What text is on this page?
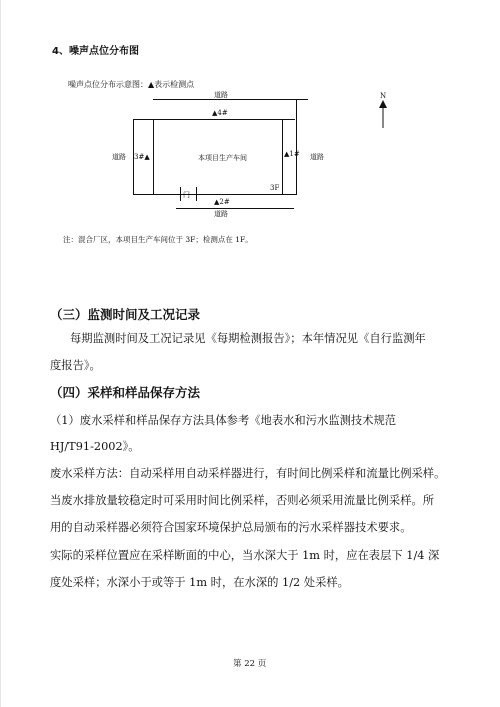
4、噪声点位分布图
噪声点位分布示意图：▲表示检测点
道路
道路 3#▲	▲1# 道路
本项目生产车间
▲4#
门
3F
▲2#
道路
N
注：混合厂区，本项目生产车间位于 3F；检测点在 1F。
（三）监测时间及工况记录
每期监测时间及工况记录见《每期检测报告》；本年情况见《自行监测年
度报告》。
（四）采样和样品保存方法
（1）废水采样和样品保存方法具体参考《地表水和污水监测技术规范
HJ/T91-2002》。
废水采样方法：自动采样用自动采样器进行，有时间比例采样和流量比例采样。
当废水排放量较稳定时可采用时间比例采样，否则必须采用流量比例采样。所
用的自动采样器必须符合国家环境保护总局颁布的污水采样器技术要求。
实际的采样位置应在采样断面的中心，当水深大于 1m 时，应在表层下 1/4 深
度处采样；水深小于或等于 1m 时，在水深的 1/2 处采样。
第 22 页
